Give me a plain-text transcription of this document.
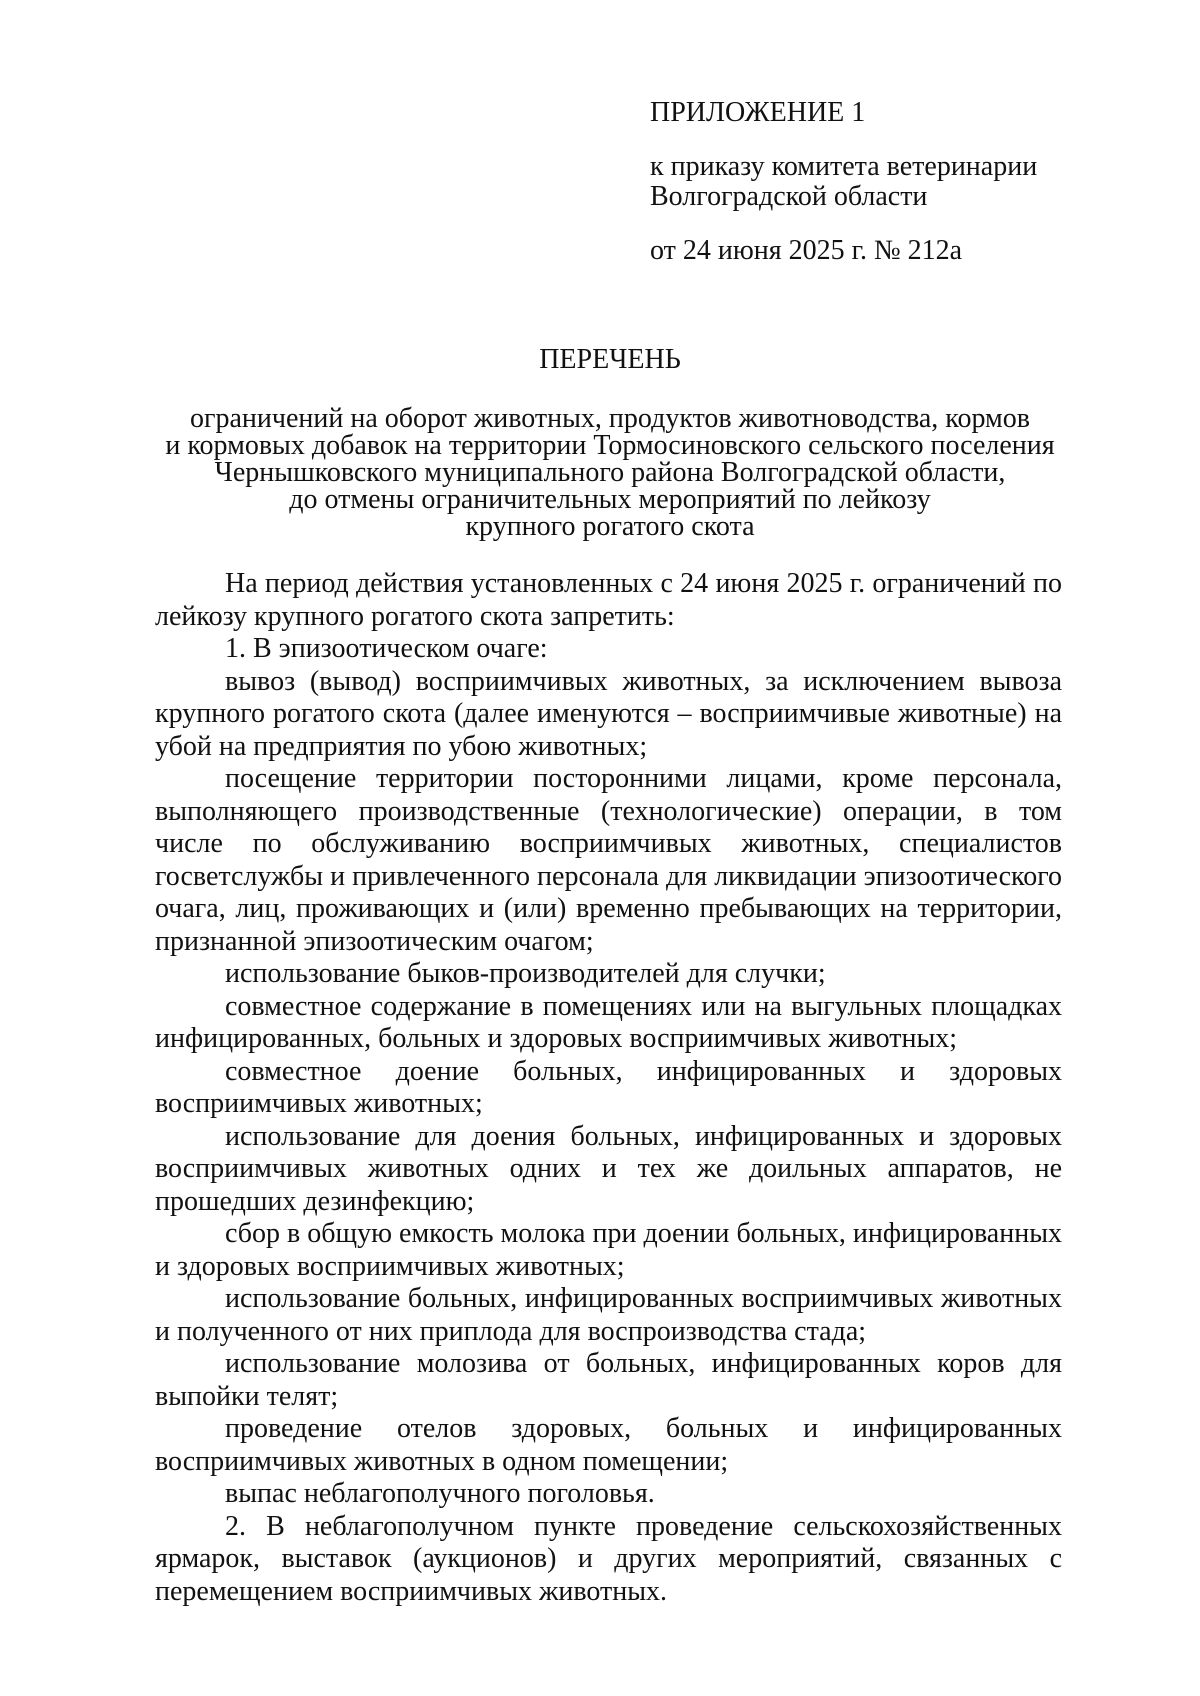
ПРИЛОЖЕНИЕ 1

к приказу комитета ветеринарии
Волгоградской области

от 24 июня 2025 г. № 212а

ПЕРЕЧЕНЬ

ограничений на оборот животных, продуктов животноводства, кормов
и кормовых добавок на территории Тормосиновского сельского поселения
Чернышковского муниципального района Волгоградской области,
до отмены ограничительных мероприятий по лейкозу
крупного рогатого скота

На период действия установленных с 24 июня 2025 г. ограничений по лейкозу крупного рогатого скота запретить:

1. В эпизоотическом очаге:

вывоз (вывод) восприимчивых животных, за исключением вывоза крупного рогатого скота (далее именуются – восприимчивые животные) на убой на предприятия по убою животных;

посещение территории посторонними лицами, кроме персонала, выполняющего производственные (технологические) операции, в том числе по обслуживанию восприимчивых животных, специалистов госветслужбы и привлеченного персонала для ликвидации эпизоотического очага, лиц, проживающих и (или) временно пребывающих на территории, признанной эпизоотическим очагом;

использование быков-производителей для случки;

совместное содержание в помещениях или на выгульных площадках инфицированных, больных и здоровых восприимчивых животных;

совместное доение больных, инфицированных и здоровых восприимчивых животных;

использование для доения больных, инфицированных и здоровых восприимчивых животных одних и тех же доильных аппаратов, не прошедших дезинфекцию;

сбор в общую емкость молока при доении больных, инфицированных и здоровых восприимчивых животных;

использование больных, инфицированных восприимчивых животных и полученного от них приплода для воспроизводства стада;

использование молозива от больных, инфицированных коров для выпойки телят;

проведение отелов здоровых, больных и инфицированных восприимчивых животных в одном помещении;

выпас неблагополучного поголовья.

2. В неблагополучном пункте проведение сельскохозяйственных ярмарок, выставок (аукционов) и других мероприятий, связанных с перемещением восприимчивых животных.
